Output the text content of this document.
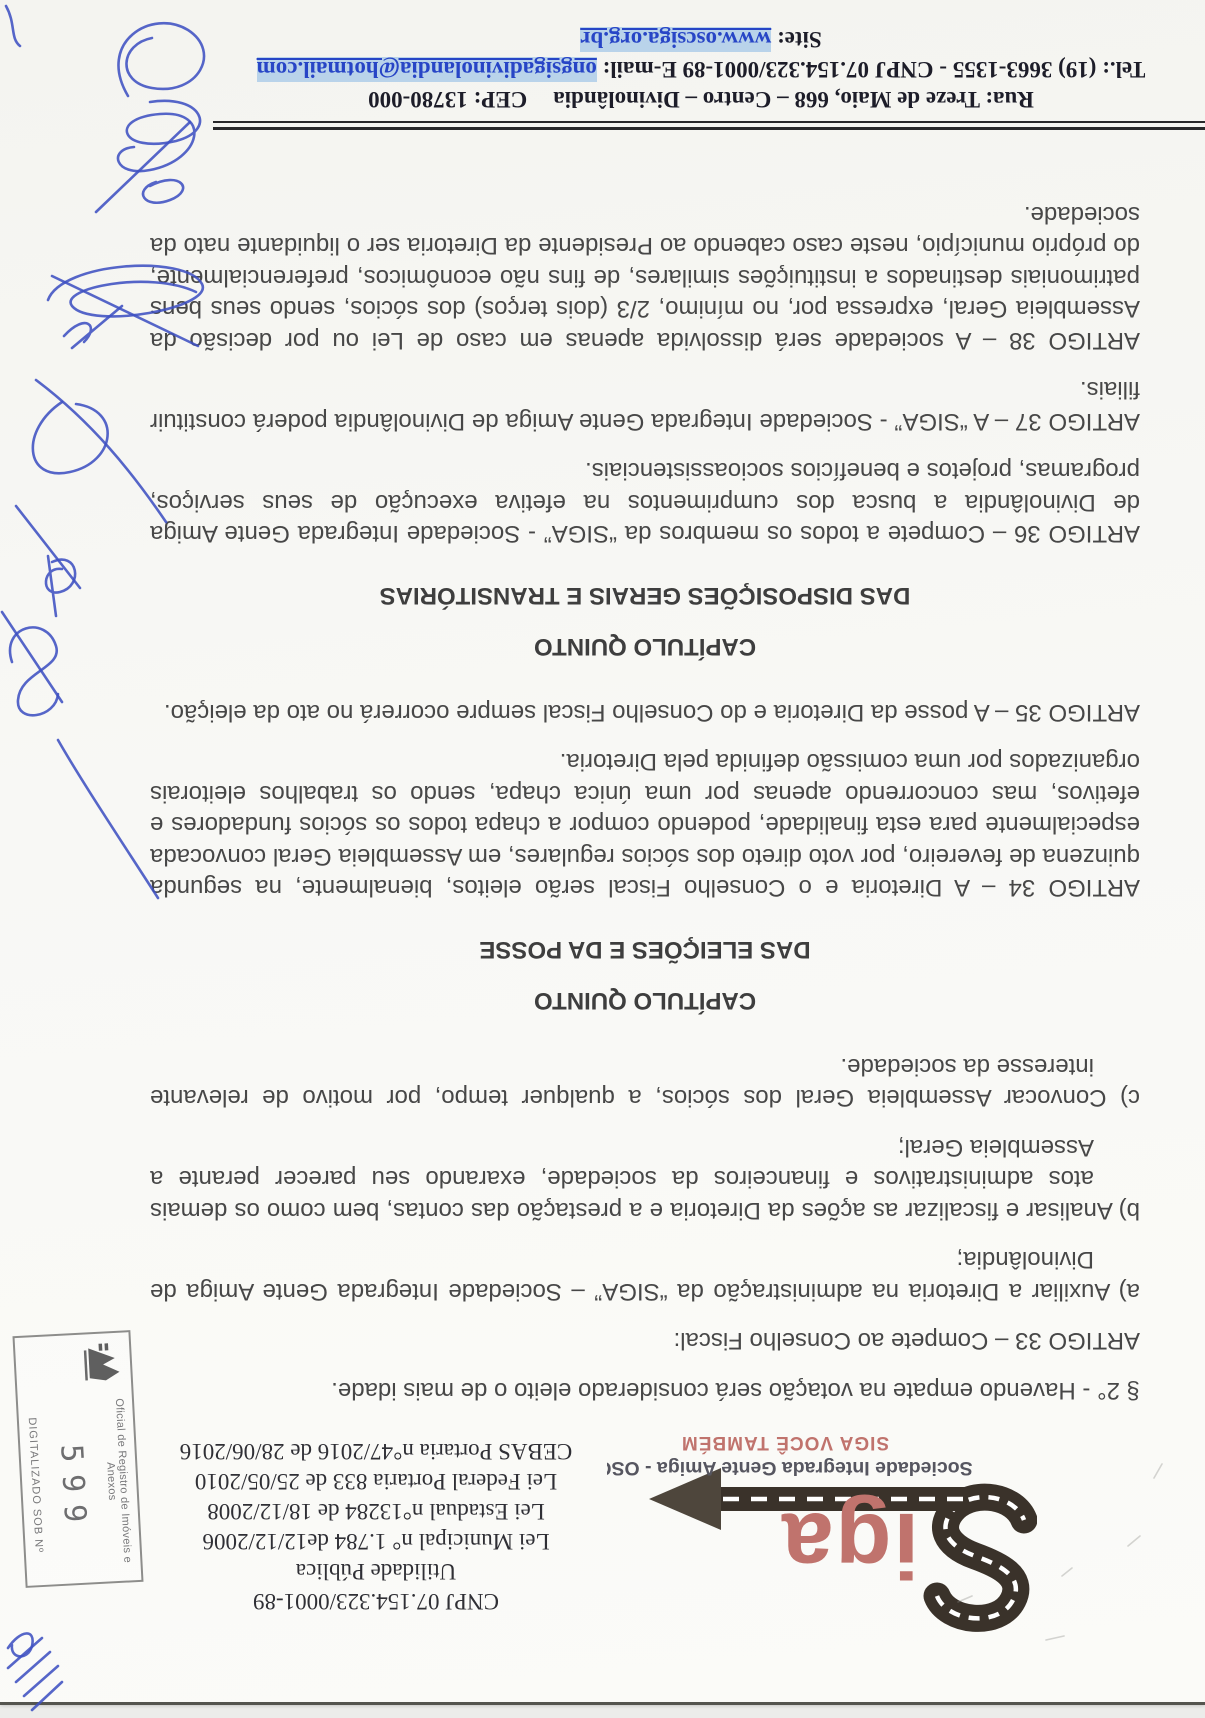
iga
Sociedade Integrada Gente Amiga - OSC
SIGA VOCÊ TAMBÉM
CNPJ 07.154.323/0001-89
Utilidade Pública
Lei Municipal n° 1.784 de12/12/2006
Lei Estadual n°13284 de 18/12/2008
Lei Federal Portaria 833 de 25/05/2010
CEBAS Portaria n°47/2016 de 28/06/2016
Oficial de Registro de Imóveis e Anexos
599
DIGITALIZADO SOB Nº
§ 2° - Havendo empate na votação será considerado eleito o de mais idade.
ARTIGO 33 – Compete ao Conselho Fiscal:
a) Auxiliar a Diretoria na administração da “SIGA” – Sociedade Integrada Gente Amiga de Divinolândia;
b) Analisar e fiscalizar as ações da Diretoria e a prestação das contas, bem como os demais atos administrativos e financeiros da sociedade, exarando seu parecer perante a Assembleia Geral;
c) Convocar Assembleia Geral dos sócios, a qualquer tempo, por motivo de relevante interesse da sociedade.
CAPÍTULO QUINTO
DAS ELEIÇÕES E DA POSSE
ARTIGO 34 – A Diretoria e o Conselho Fiscal serão eleitos, bienalmente, na segunda quinzena de fevereiro, por voto direto dos sócios regulares, em Assembleia Geral convocada especialmente para esta finalidade, podendo compor a chapa todos os sócios fundadores e efetivos, mas concorrendo apenas por uma única chapa, sendo os trabalhos eleitorais organizados por uma comissão definida pela Diretoria.
ARTIGO 35 – A posse da Diretoria e do Conselho Fiscal sempre ocorrerá no ato da eleição.
CAPÍTULO QUINTO
DAS DISPOSIÇÕES GERAIS E TRANSITÓRIAS
ARTIGO 36 – Compete a todos os membros da “SIGA” - Sociedade Integrada Gente Amiga de Divinolândia a busca dos cumprimentos na efetiva execução de seus serviços, programas, projetos e benefícios socioassistenciais.
ARTIGO 37 – A “SIGA” - Sociedade Integrada Gente Amiga de Divinolândia poderá constituir filiais.
ARTIGO 38 – A sociedade será dissolvida apenas em caso de Lei ou por decisão da Assembleia Geral, expressa por, no mínimo, 2/3 (dois terços) dos sócios, sendo seus bens patrimoniais destinados a instituições similares, de fins não econômicos, preferencialmente, do próprio município, neste caso cabendo ao Presidente da Diretoria ser o liquidante nato da sociedade.
Rua: Treze de Maio, 668 – Centro – DivinolândiaCEP: 13780-000
Tel.: (19) 3663-1355 - CNPJ 07.154.323/0001-89 E-mail: ongsigadivinolandia@hotmail.com
Site: www.oscsiga.org.br
